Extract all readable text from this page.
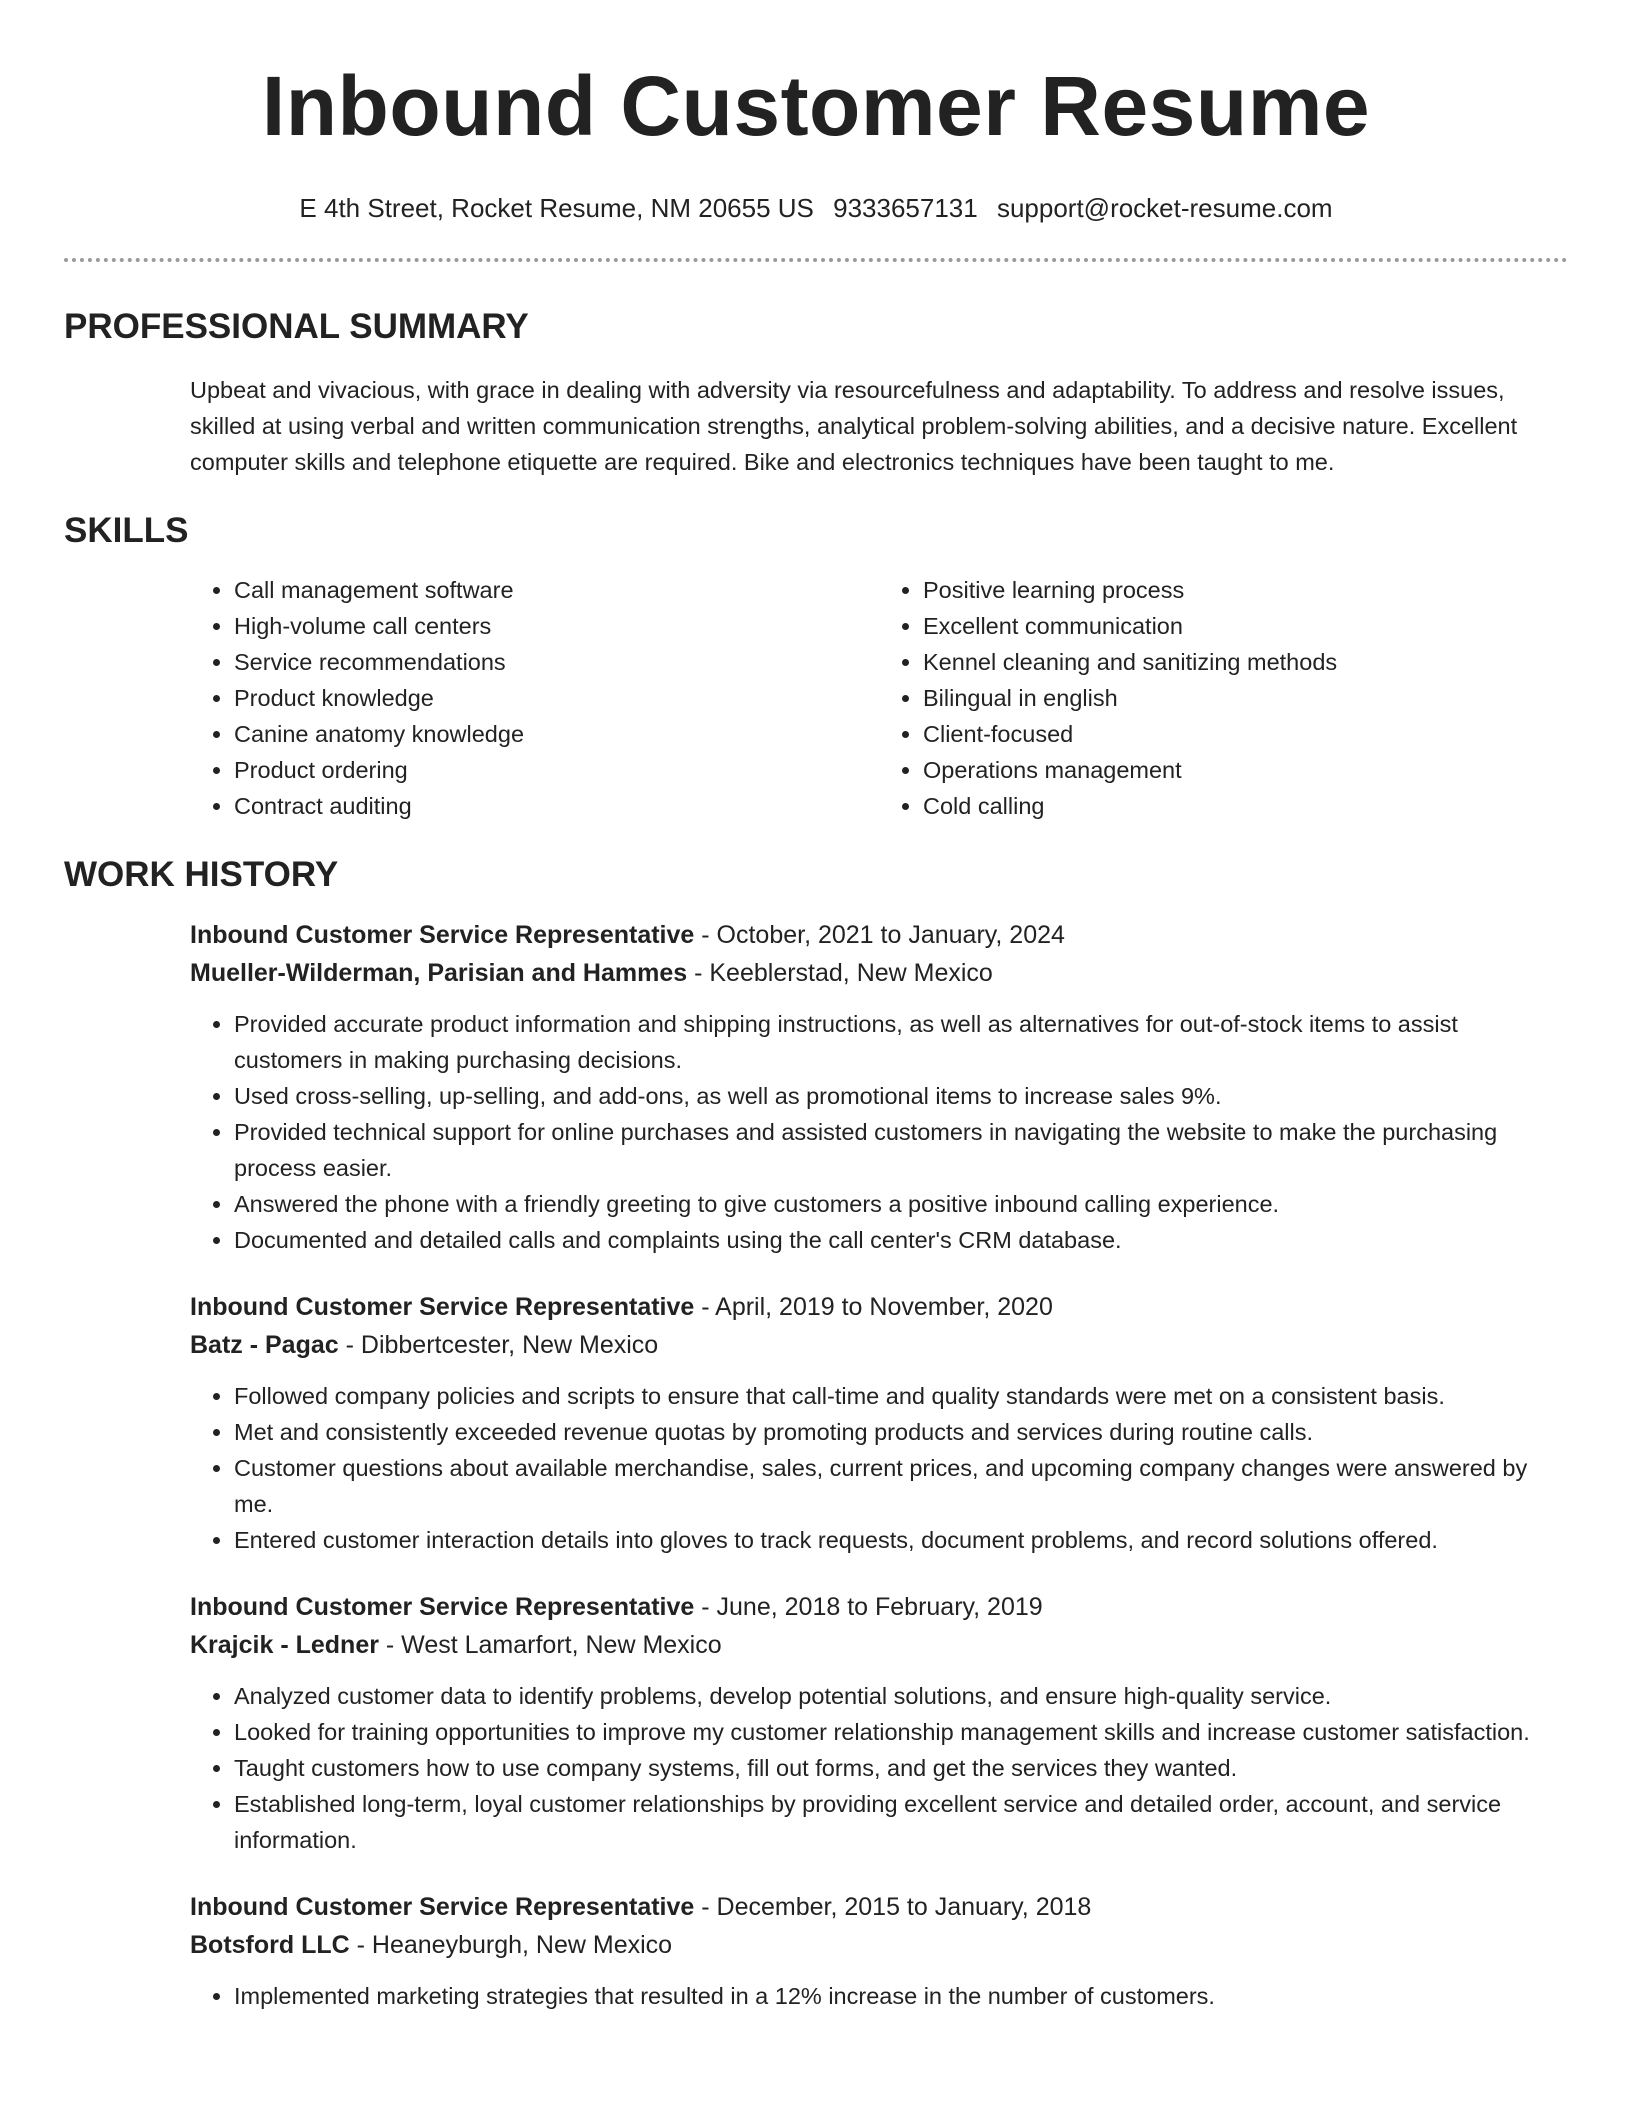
Inbound Customer Resume
E 4th Street, Rocket Resume, NM 20655 US 9333657131 support@rocket-resume.com
PROFESSIONAL SUMMARY
Upbeat and vivacious, with grace in dealing with adversity via resourcefulness and adaptability. To address and resolve issues, skilled at using verbal and written communication strengths, analytical problem-solving abilities, and a decisive nature. Excellent computer skills and telephone etiquette are required. Bike and electronics techniques have been taught to me.
SKILLS
• Call management software
• High-volume call centers
• Service recommendations
• Product knowledge
• Canine anatomy knowledge
• Product ordering
• Contract auditing
• Positive learning process
• Excellent communication
• Kennel cleaning and sanitizing methods
• Bilingual in english
• Client-focused
• Operations management
• Cold calling
WORK HISTORY
Inbound Customer Service Representative - October, 2021 to January, 2024
Mueller-Wilderman, Parisian and Hammes - Keeblerstad, New Mexico
• Provided accurate product information and shipping instructions, as well as alternatives for out-of-stock items to assist customers in making purchasing decisions.
• Used cross-selling, up-selling, and add-ons, as well as promotional items to increase sales 9%.
• Provided technical support for online purchases and assisted customers in navigating the website to make the purchasing process easier.
• Answered the phone with a friendly greeting to give customers a positive inbound calling experience.
• Documented and detailed calls and complaints using the call center's CRM database.
Inbound Customer Service Representative - April, 2019 to November, 2020
Batz - Pagac - Dibbertcester, New Mexico
• Followed company policies and scripts to ensure that call-time and quality standards were met on a consistent basis.
• Met and consistently exceeded revenue quotas by promoting products and services during routine calls.
• Customer questions about available merchandise, sales, current prices, and upcoming company changes were answered by me.
• Entered customer interaction details into gloves to track requests, document problems, and record solutions offered.
Inbound Customer Service Representative - June, 2018 to February, 2019
Krajcik - Ledner - West Lamarfort, New Mexico
• Analyzed customer data to identify problems, develop potential solutions, and ensure high-quality service.
• Looked for training opportunities to improve my customer relationship management skills and increase customer satisfaction.
• Taught customers how to use company systems, fill out forms, and get the services they wanted.
• Established long-term, loyal customer relationships by providing excellent service and detailed order, account, and service information.
Inbound Customer Service Representative - December, 2015 to January, 2018
Botsford LLC - Heaneyburgh, New Mexico
• Implemented marketing strategies that resulted in a 12% increase in the number of customers.
